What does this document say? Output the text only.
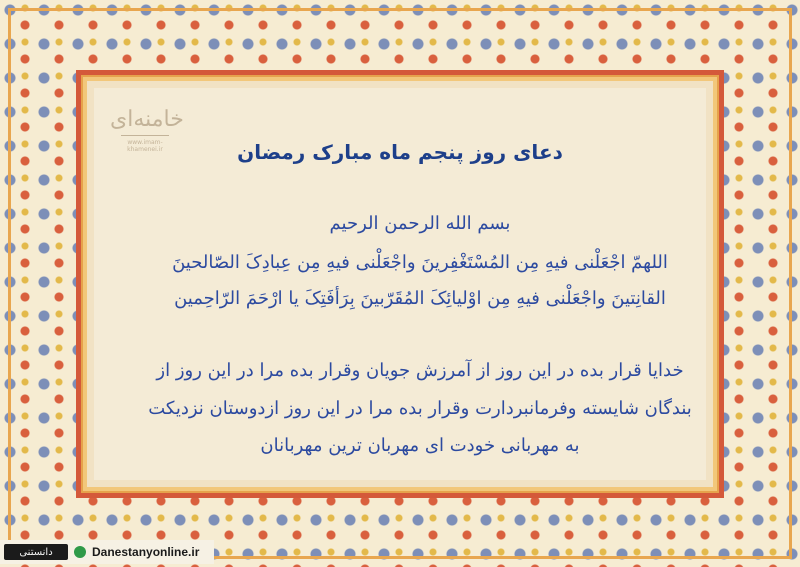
خامنه‌ای
www.imam-khamenei.ir	دعای روز پنجم ماه مبارک رمضان
بسم الله الرحمن الرحیم
اللهمّ اجْعَلْنی فیهِ مِن المُسْتَغْفِرینَ واجْعَلْنی فیهِ مِن عِبادِکَ الصّالحینَ
القانِتینَ واجْعَلْنی فیهِ مِن اوْلیائِکَ المُقَرّبینَ بِرَأفَتِکَ یا ارْحَمَ الرّاحِمین
خدایا قرار بده در این روز از آمرزش جویان وقرار بده مرا در این روز از
بندگان شایسته وفرمانبردارت وقرار بده مرا در این روز ازدوستان نزدیکت
به مهربانی خودت ای مهربان ترین مهربانان
دانستنی	Danestanyonline.ir
